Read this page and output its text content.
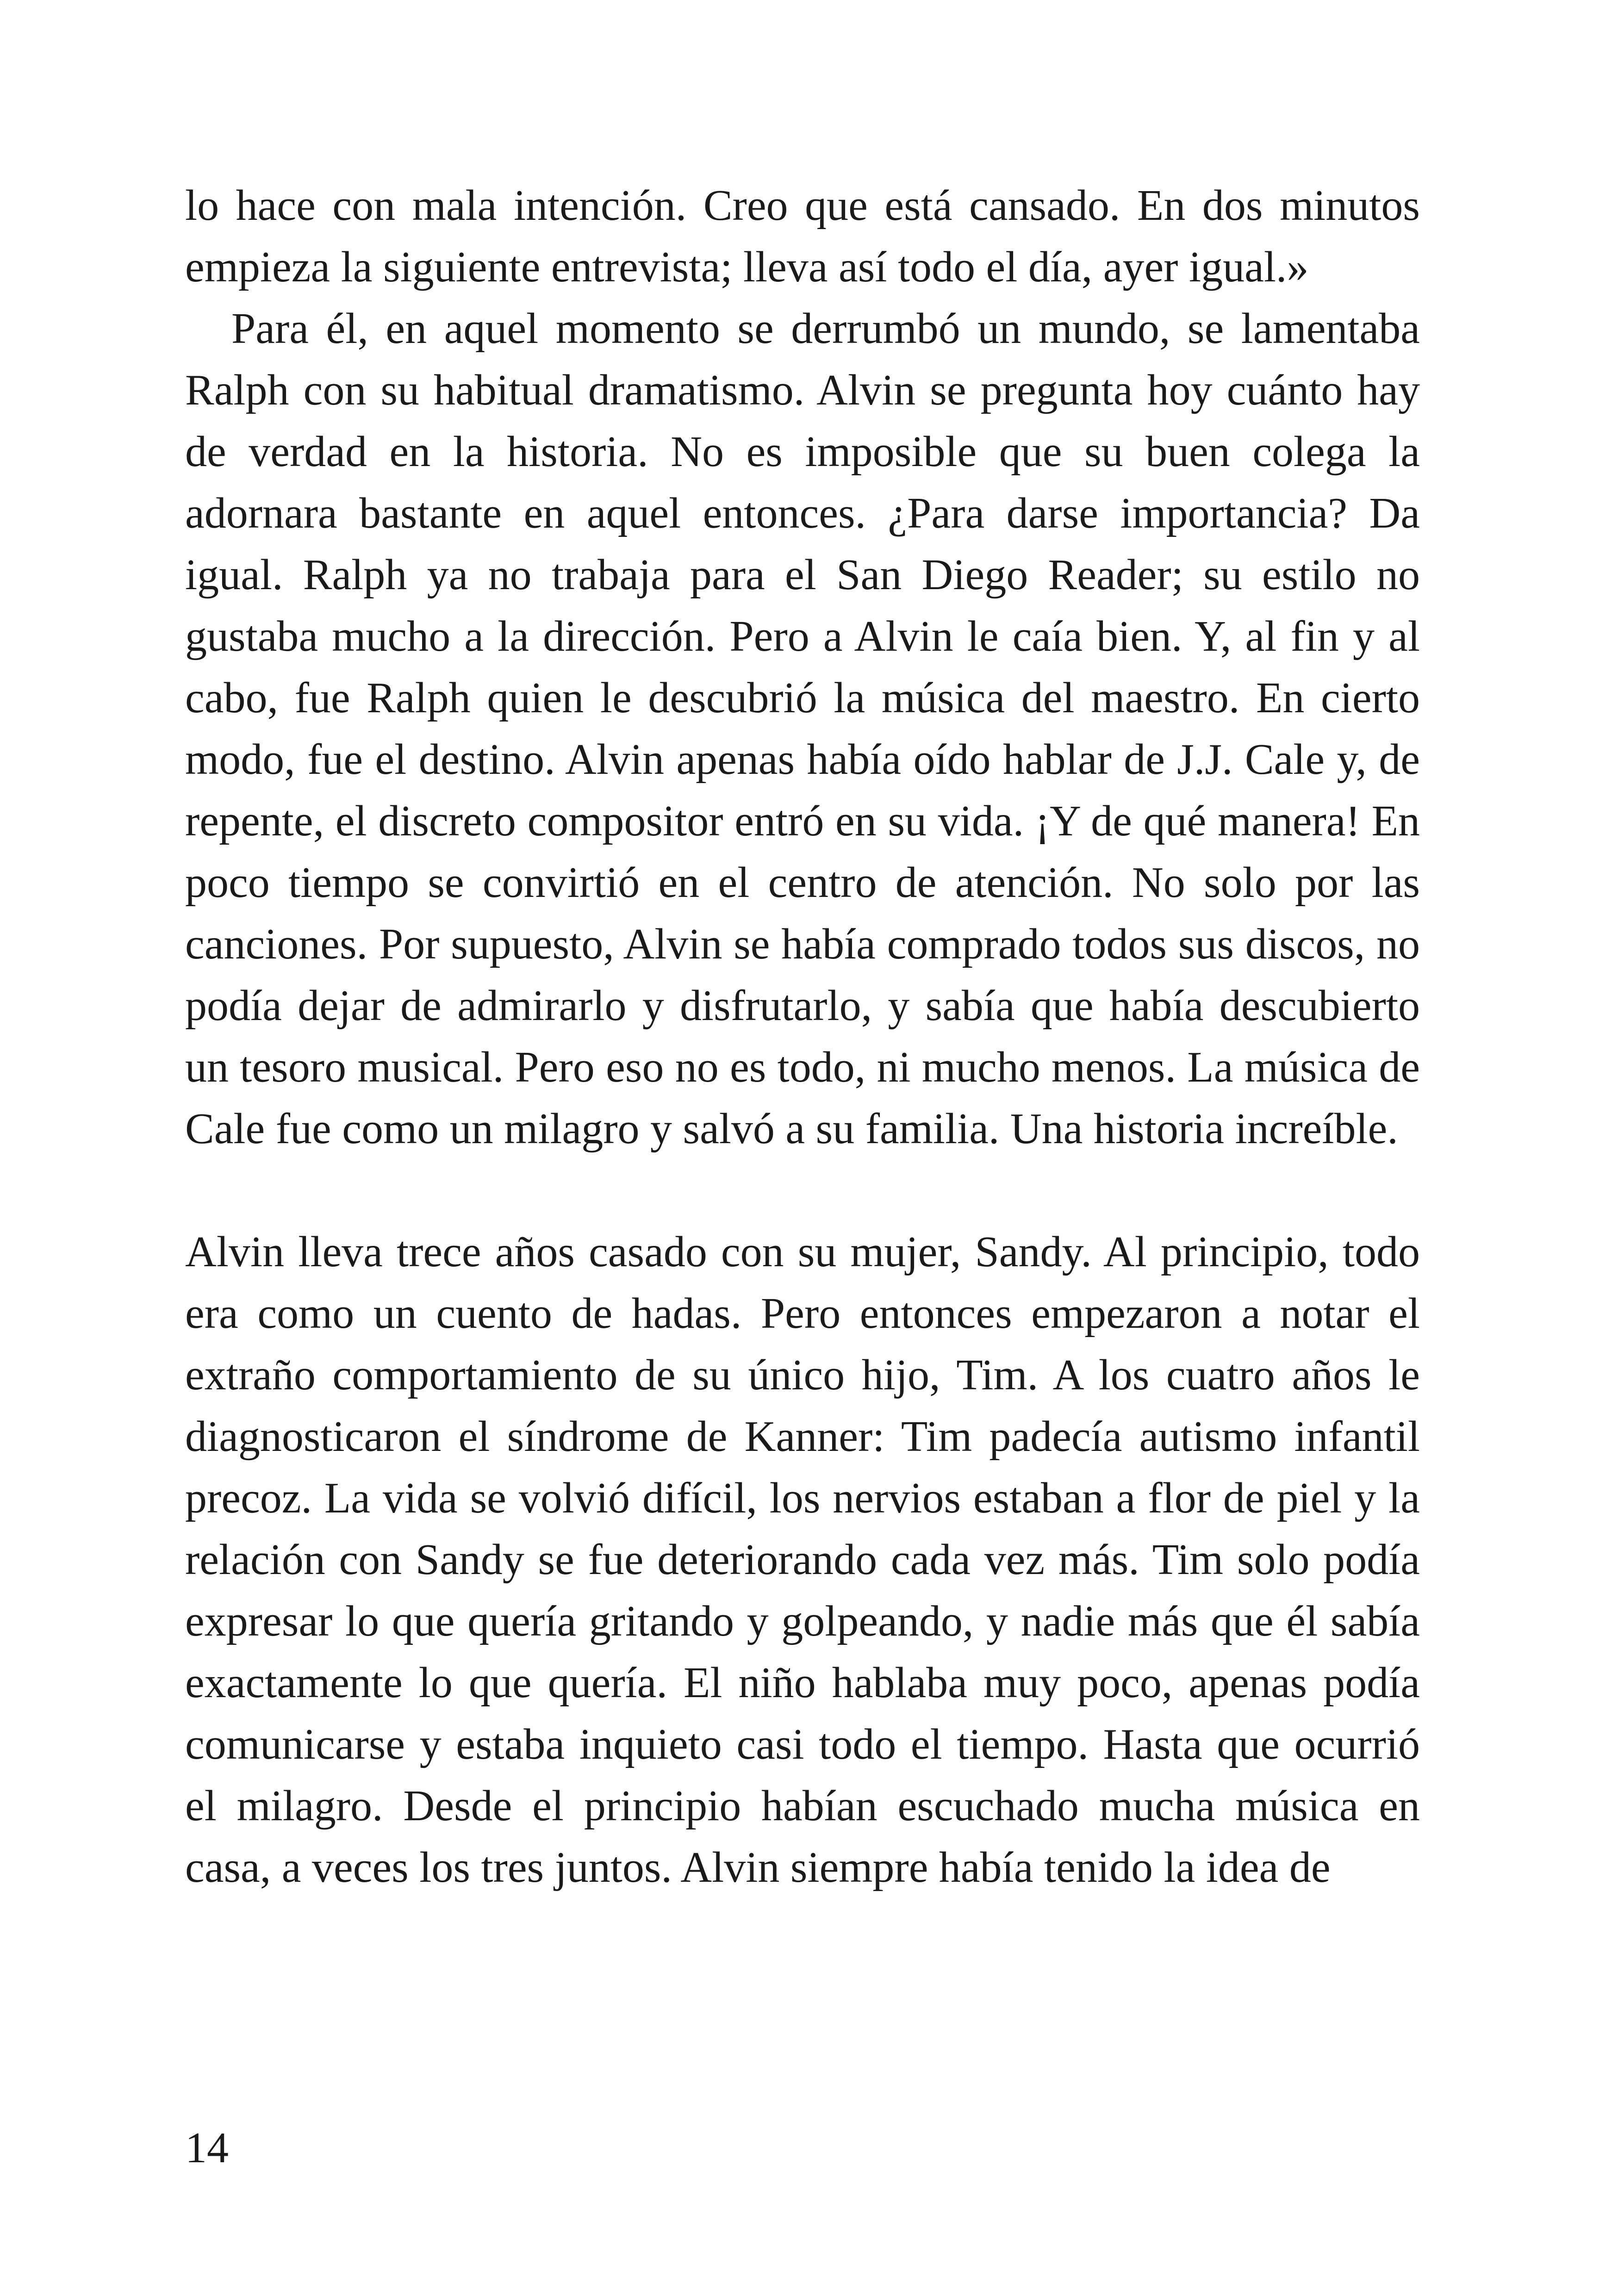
lo hace con mala intención. Creo que está cansado. En dos minutos empieza la siguiente entrevista; lleva así todo el día, ayer igual.»

Para él, en aquel momento se derrumbó un mundo, se lamentaba Ralph con su habitual dramatismo. Alvin se pregunta hoy cuánto hay de verdad en la historia. No es imposible que su buen colega la adornara bastante en aquel entonces. ¿Para darse importancia? Da igual. Ralph ya no trabaja para el San Diego Reader; su estilo no gustaba mucho a la dirección. Pero a Alvin le caía bien. Y, al fin y al cabo, fue Ralph quien le descubrió la música del maestro. En cierto modo, fue el destino. Alvin apenas había oído hablar de J.J. Cale y, de repente, el discreto compositor entró en su vida. ¡Y de qué manera! En poco tiempo se convirtió en el centro de atención. No solo por las canciones. Por supuesto, Alvin se había comprado todos sus discos, no podía dejar de admirarlo y disfrutarlo, y sabía que había descubierto un tesoro musical. Pero eso no es todo, ni mucho menos. La música de Cale fue como un milagro y salvó a su familia. Una historia increíble.

Alvin lleva trece años casado con su mujer, Sandy. Al principio, todo era como un cuento de hadas. Pero entonces empezaron a notar el extraño comportamiento de su único hijo, Tim. A los cuatro años le diagnosticaron el síndrome de Kanner: Tim padecía autismo infantil precoz. La vida se volvió difícil, los nervios estaban a flor de piel y la relación con Sandy se fue deteriorando cada vez más. Tim solo podía expresar lo que quería gritando y golpeando, y nadie más que él sabía exactamente lo que quería. El niño hablaba muy poco, apenas podía comunicarse y estaba inquieto casi todo el tiempo. Hasta que ocurrió el milagro. Desde el principio habían escuchado mucha música en casa, a veces los tres juntos. Alvin siempre había tenido la idea de

14
